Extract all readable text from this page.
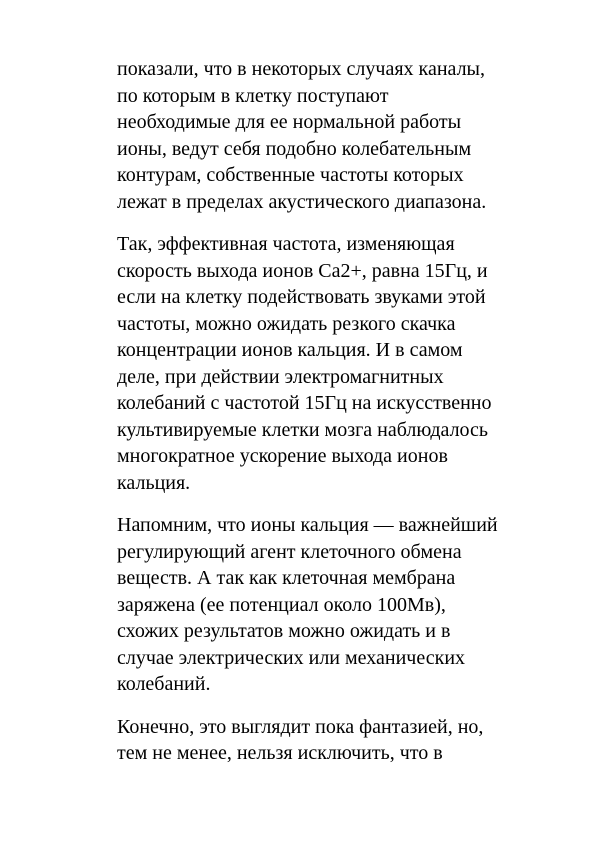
показали, что в некоторых случаях каналы,
по которым в клетку поступают
необходимые для ее нормальной работы
ионы, ведут себя подобно колебательным
контурам, собственные частоты которых
лежат в пределах акустического диапазона.

Так, эффективная частота, изменяющая
скорость выхода ионов Са2+, равна 15Гц, и
если на клетку подействовать звуками этой
частоты, можно ожидать резкого скачка
концентрации ионов кальция. И в самом
деле, при действии электромагнитных
колебаний с частотой 15Гц на искусственно
культивируемые клетки мозга наблюдалось
многократное ускорение выхода ионов
кальция.

Напомним, что ионы кальция — важнейший
регулирующий агент клеточного обмена
веществ. А так как клеточная мембрана
заряжена (ее потенциал около 100Мв),
схожих результатов можно ожидать и в
случае электрических или механических
колебаний.

Конечно, это выглядит пока фантазией, но,
тем не менее, нельзя исключить, что в
